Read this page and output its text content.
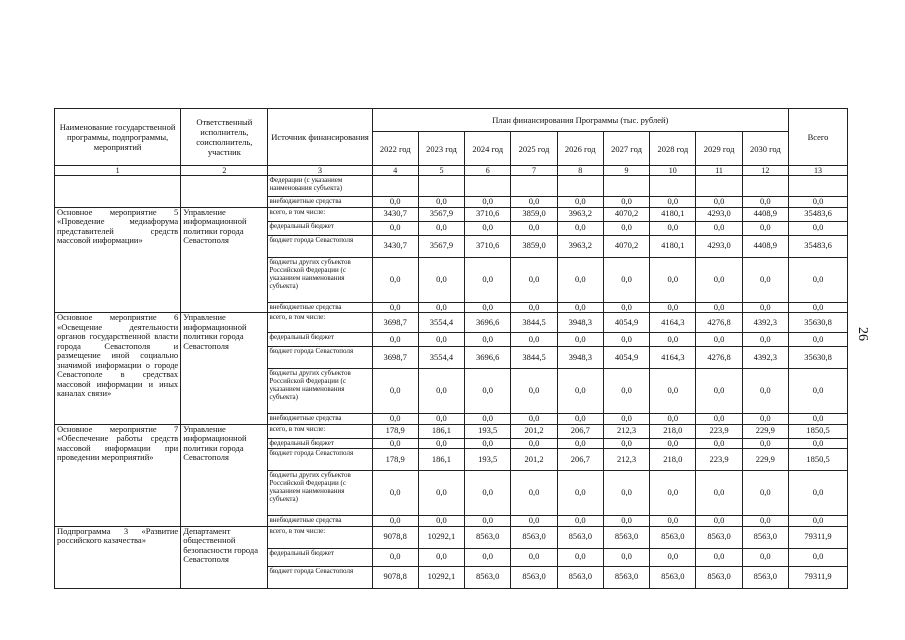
Наименование государственной программы, подпрограммы, мероприятий	Ответственный исполнитель, соисполнитель, участник	Источник финансирования	План финансирования Программы (тыс. рублей)									Всего
			2022 год	2023 год	2024 год	2025 год	2026 год	2027 год	2028 год	2029 год	2030 год	
1	2	3	4	5	6	7	8	9	10	11	12	13
		Федерации (с указанием наименования субъекта)										
		внебюджетные средства	0,0	0,0	0,0	0,0	0,0	0,0	0,0	0,0	0,0	0,0
Основное мероприятие 5 «Проведение медиафорума представителей средств массовой информации»	Управление информационной политики города Севастополя	всего, в том числе:	3430,7	3567,9	3710,6	3859,0	3963,2	4070,2	4180,1	4293,0	4408,9	35483,6
		федеральный бюджет	0,0	0,0	0,0	0,0	0,0	0,0	0,0	0,0	0,0	0,0
		бюджет города Севастополя	3430,7	3567,9	3710,6	3859,0	3963,2	4070,2	4180,1	4293,0	4408,9	35483,6
		бюджеты других субъектов Российской Федерации (с указанием наименования субъекта)	0,0	0,0	0,0	0,0	0,0	0,0	0,0	0,0	0,0	0,0
		внебюджетные средства	0,0	0,0	0,0	0,0	0,0	0,0	0,0	0,0	0,0	0,0
Основное мероприятие 6 «Освещение деятельности органов государственной власти города Севастополя и размещение иной социально значимой информации о городе Севастополе в средствах массовой информации и иных каналах связи»	Управление информационной политики города Севастополя	всего, в том числе:	3698,7	3554,4	3696,6	3844,5	3948,3	4054,9	4164,3	4276,8	4392,3	35630,8
		федеральный бюджет	0,0	0,0	0,0	0,0	0,0	0,0	0,0	0,0	0,0	0,0
		бюджет города Севастополя	3698,7	3554,4	3696,6	3844,5	3948,3	4054,9	4164,3	4276,8	4392,3	35630,8
		бюджеты других субъектов Российской Федерации (с указанием наименования субъекта)	0,0	0,0	0,0	0,0	0,0	0,0	0,0	0,0	0,0	0,0
		внебюджетные средства	0,0	0,0	0,0	0,0	0,0	0,0	0,0	0,0	0,0	0,0
Основное мероприятие 7 «Обеспечение работы средств массовой информации при проведении мероприятий»	Управление информационной политики города Севастополя	всего, в том числе:	178,9	186,1	193,5	201,2	206,7	212,3	218,0	223,9	229,9	1850,5
		федеральный бюджет	0,0	0,0	0,0	0,0	0,0	0,0	0,0	0,0	0,0	0,0
		бюджет города Севастополя	178,9	186,1	193,5	201,2	206,7	212,3	218,0	223,9	229,9	1850,5
		бюджеты других субъектов Российской Федерации (с указанием наименования субъекта)	0,0	0,0	0,0	0,0	0,0	0,0	0,0	0,0	0,0	0,0
		внебюджетные средства	0,0	0,0	0,0	0,0	0,0	0,0	0,0	0,0	0,0	0,0
Подпрограмма 3 «Развитие российского казачества»	Департамент общественной безопасности города Севастополя	всего, в том числе:	9078,8	10292,1	8563,0	8563,0	8563,0	8563,0	8563,0	8563,0	8563,0	79311,9
		федеральный бюджет	0,0	0,0	0,0	0,0	0,0	0,0	0,0	0,0	0,0	0,0
		бюджет города Севастополя	9078,8	10292,1	8563,0	8563,0	8563,0	8563,0	8563,0	8563,0	8563,0	79311,9
26
